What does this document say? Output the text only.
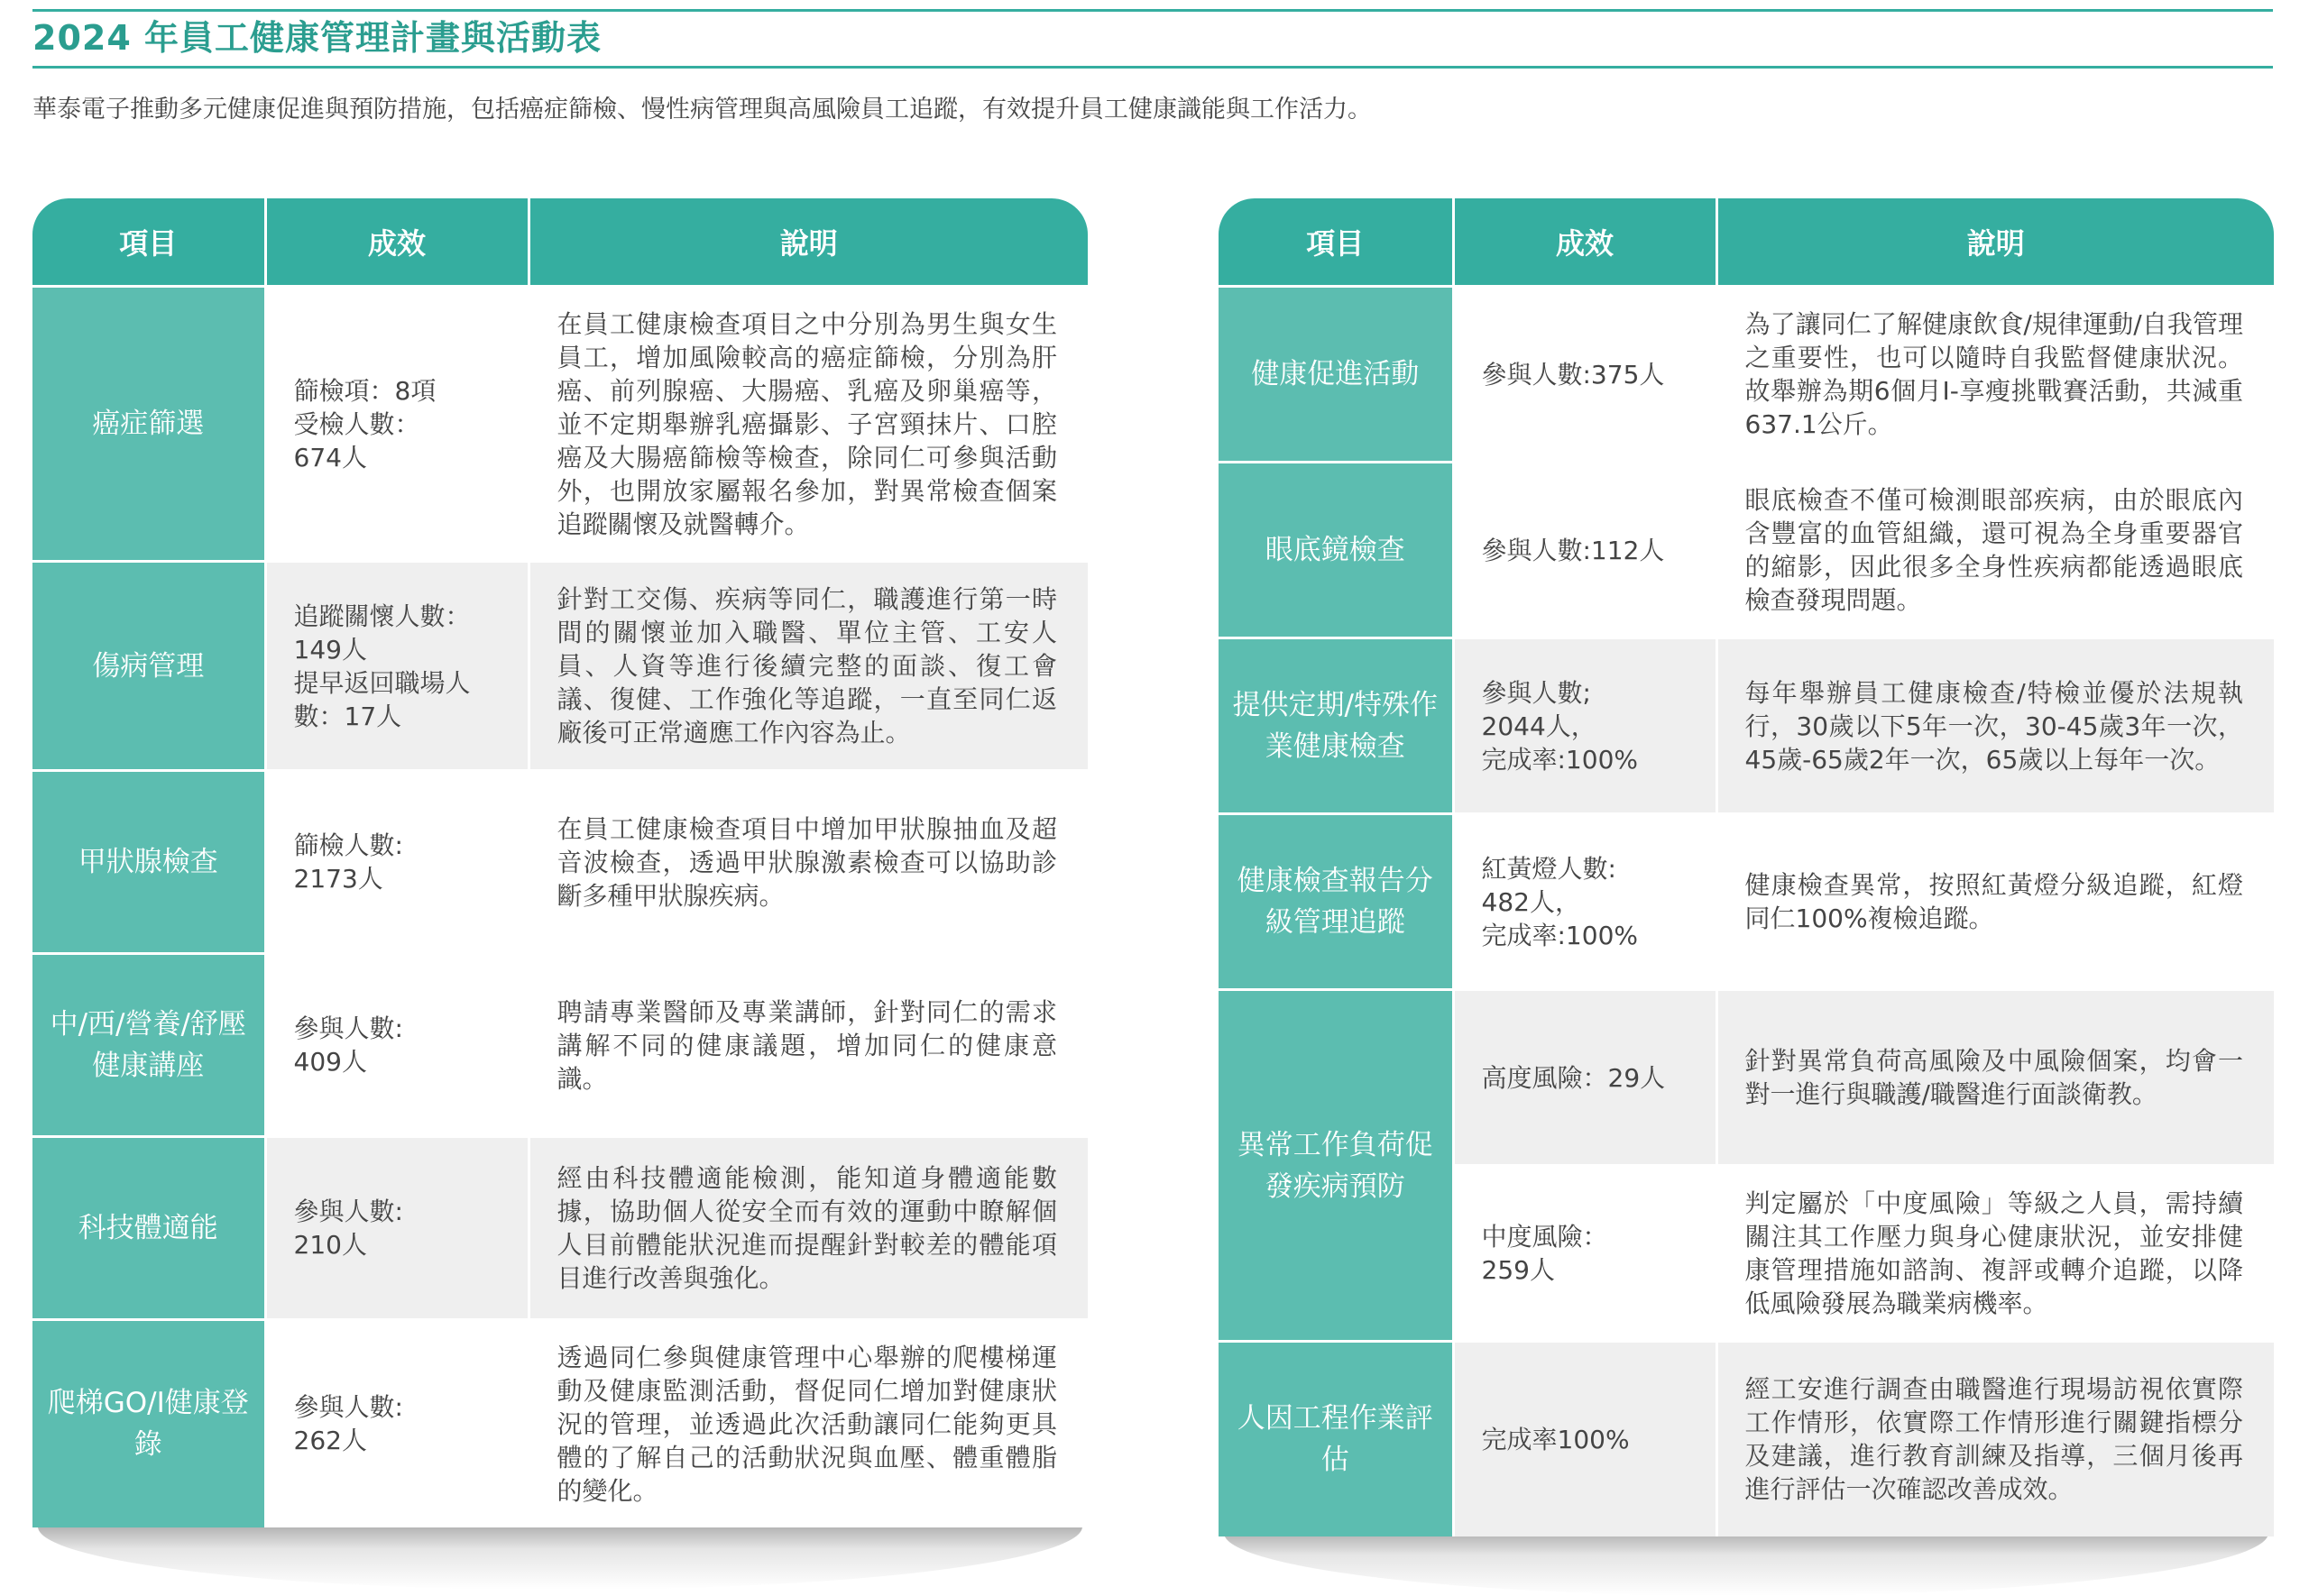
2024 年員工健康管理計畫與活動表
華泰電子推動多元健康促進與預防措施，包括癌症篩檢、慢性病管理與高風險員工追蹤，有效提升員工健康識能與工作活力。
項目	成效	說明
癌症篩選	篩檢項：8項
受檢人數：
674人	在員工健康檢查項目之中分別為男生與女生員工，增加風險較高的癌症篩檢，分別為肝癌、前列腺癌、大腸癌、乳癌及卵巢癌等，並不定期舉辦乳癌攝影、子宮頸抹片、口腔癌及大腸癌篩檢等檢查，除同仁可參與活動外，也開放家屬報名參加，對異常檢查個案追蹤關懷及就醫轉介。

傷病管理	追蹤關懷人數：
149人
提早返回職場人
數：17人	針對工交傷、疾病等同仁，職護進行第一時間的關懷並加入職醫、單位主管、工安人員、人資等進行後續完整的面談、復工會議、復健、工作強化等追蹤，一直至同仁返廠後可正常適應工作內容為止。

甲狀腺檢查	篩檢人數:
2173人	在員工健康檢查項目中增加甲狀腺抽血及超音波檢查，透過甲狀腺激素檢查可以協助診斷多種甲狀腺疾病。

中/西/營養/舒壓健康講座	參與人數:
409人	聘請專業醫師及專業講師，針對同仁的需求講解不同的健康議題，增加同仁的健康意識。

科技體適能	參與人數:
210人	經由科技體適能檢測，能知道身體適能數據，協助個人從安全而有效的運動中瞭解個人目前體能狀況進而提醒針對較差的體能項目進行改善與強化。

爬梯GO/I健康登錄	參與人數:
262人	透過同仁參與健康管理中心舉辦的爬樓梯運動及健康監測活動，督促同仁增加對健康狀況的管理，並透過此次活動讓同仁能夠更具體的了解自己的活動狀況與血壓、體重體脂的變化。
項目	成效	說明
健康促進活動	參與人數:375人	為了讓同仁了解健康飲食/規律運動/自我管理之重要性，也可以隨時自我監督健康狀況。故舉辦為期6個月I-享瘦挑戰賽活動，共減重637.1公斤。

眼底鏡檢查	參與人數:112人	眼底檢查不僅可檢測眼部疾病，由於眼底內含豐富的血管組織，還可視為全身重要器官的縮影，因此很多全身性疾病都能透過眼底檢查發現問題。

提供定期/特殊作業健康檢查	參與人數;
2044人，
完成率:100%	每年舉辦員工健康檢查/特檢並優於法規執行，30歲以下5年一次，30-45歲3年一次，45歲-65歲2年一次，65歲以上每年一次。

健康檢查報告分級管理追蹤	紅黃燈人數:
482人，
完成率:100%	健康檢查異常，按照紅黃燈分級追蹤，紅燈同仁100%複檢追蹤。

異常工作負荷促發疾病預防	高度風險：29人	針對異常負荷高風險及中風險個案，均會一對一進行與職護/職醫進行面談衛教。

	中度風險：
259人	判定屬於「中度風險」等級之人員，需持續關注其工作壓力與身心健康狀況，並安排健康管理措施如諮詢、複評或轉介追蹤，以降低風險發展為職業病機率。

人因工程作業評估	完成率100%	經工安進行調查由職醫進行現場訪視依實際工作情形，依實際工作情形進行關鍵指標分及建議，進行教育訓練及指導，三個月後再進行評估一次確認改善成效。
